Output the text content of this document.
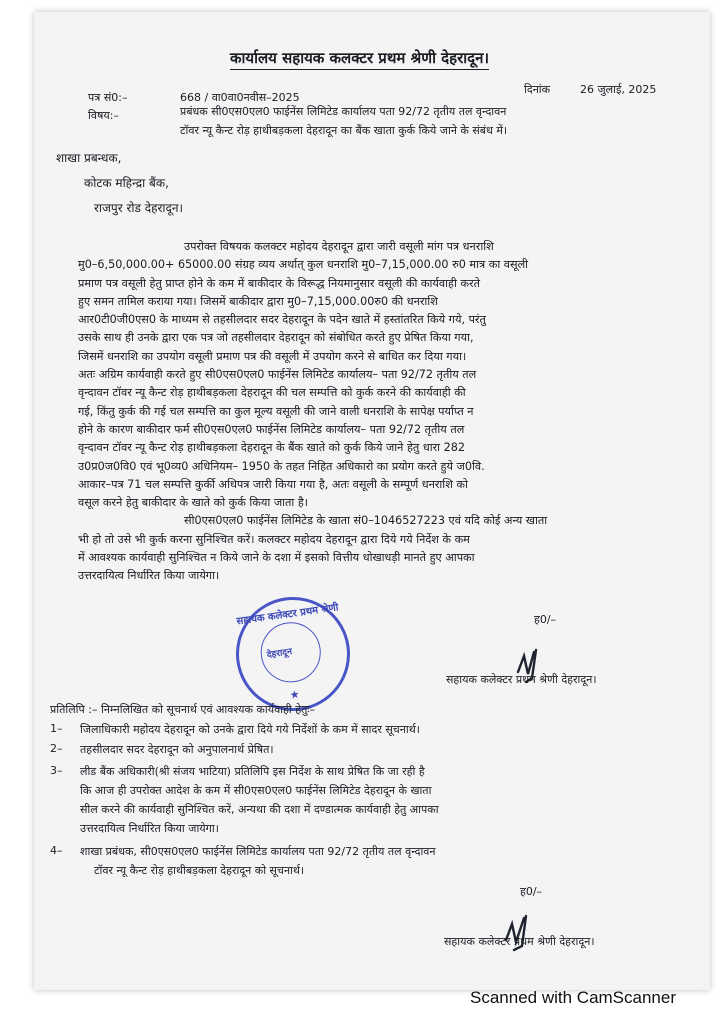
कार्यालय सहायक कलक्टर प्रथम श्रेणी देहरादून।
पत्र सं0:–	668 / वा0वा0नवीस–2025
दिनांक	26 जुलाई, 2025
विषय:–	प्रबंधक सी0एस0एल0 फाईनेंस लिमिटेड कार्यालय पता 92/72 तृतीय तल वृन्दावन
टॉवर न्यू कैन्ट रोड़ हाथीबड़कला देहरादून का बैंक खाता कुर्क किये जाने के संबंध में।
शाखा प्रबन्धक,
कोटक महिन्द्रा बैंक,
राजपुर रोड देहरादून।
उपरोक्त विषयक कलक्टर महोदय देहरादून द्वारा जारी वसूली मांग पत्र धनराशि
मु0–6,50,000.00+ 65000.00 संग्रह व्यय अर्थात् कुल धनराशि मु0–7,15,000.00 रु0 मात्र का वसूली
प्रमाण पत्र वसूली हेतु प्राप्त होने के कम में बाकीदार के विरूद्ध नियमानुसार वसूली की कार्यवाही करते
हुए समन तामिल कराया गया। जिसमें बाकीदार द्वारा मु0–7,15,000.00रु0 की धनराशि
आर0टी0जी0एस0 के माध्यम से तहसीलदार सदर देहरादून के पदेन खाते में हस्तांतरित किये गये, परंतु
उसके साथ ही उनके द्वारा एक पत्र जो तहसीलदार देहरादून को संबोधित करते हुए प्रेषित किया गया,
जिसमें धनराशि का उपयोग वसूली प्रमाण पत्र की वसूली में उपयोग करने से बाधित कर दिया गया।
अतः अग्रिम कार्यवाही करते हुए सी0एस0एल0 फाईनेंस लिमिटेड कार्यालय– पता 92/72 तृतीय तल
वृन्दावन टॉवर न्यू कैन्ट रोड़ हाथीबड़कला देहरादून की चल सम्पत्ति को कुर्क करने की कार्यवाही की
गई, किंतु कुर्क की गई चल सम्पत्ति का कुल मूल्य वसूली की जाने वाली धनराशि के सापेक्ष पर्याप्त न
होने के कारण बाकीदार फर्म सी0एस0एल0 फाईनेंस लिमिटेड कार्यालय– पता 92/72 तृतीय तल
वृन्दावन टॉवर न्यू कैन्ट रोड़ हाथीबड़कला देहरादून के बैंक खाते को कुर्क किये जाने हेतु धारा 282
उ0प्र0ज0वि0 एवं भू0व्य0 अधिनियम– 1950 के तहत निहित अधिकारो का प्रयोग करते हुये ज0वि.
आकार–पत्र 71 चल सम्पत्ति कुर्की अधिपत्र जारी किया गया है, अतः वसूली के सम्पूर्ण धनराशि को
वसूल करने हेतु बाकीदार के खाते को कुर्क किया जाता है।
सी0एस0एल0 फाईनेंस लिमिटेड के खाता सं0–1046527223 एवं यदि कोई अन्य खाता
भी हो तो उसे भी कुर्क करना सुनिश्चित करें। कलक्टर महोदय देहरादून द्वारा दिये गये निर्देश के कम
में आवश्यक कार्यवाही सुनिश्चित न किये जाने के दशा में इसको वित्तीय धोखाधड़ी मानते हुए आपका
उत्तरदायित्व निर्धारित किया जायेगा।
ह0/–
सहायक कलेक्टर प्रथम श्रेणी
देहरादून
★
सहायक कलेक्टर प्रथम श्रेणी देहरादून।
प्रतिलिपि :– निम्नलिखित को सूचनार्थ एवं आवश्यक कार्यवाही हेतुः–
1– जिलाधिकारी महोदय देहरादून को उनके द्वारा दिये गये निर्देशों के कम में सादर सूचनार्थ।
2– तहसीलदार सदर देहरादून को अनुपालनार्थ प्रेषित।
3– लीड बैंक अधिकारी(श्री संजय भाटिया) प्रतिलिपि इस निर्देश के साथ प्रेषित कि जा रही है
कि आज ही उपरोक्त आदेश के कम में सी0एस0एल0 फाईनेंस लिमिटेड देहरादून के खाता
सील करने की कार्यवाही सुनिश्चित करें, अन्यथा की दशा में दण्डात्मक कार्यवाही हेतु आपका
उत्तरदायित्व निर्धारित किया जायेगा।
4– शाखा प्रबंधक, सी0एस0एल0 फाईनेंस लिमिटेड कार्यालय पता 92/72 तृतीय तल वृन्दावन
टॉवर न्यू कैन्ट रोड़ हाथीबड़कला देहरादून को सूचनार्थ।
ह0/–
सहायक कलेक्टर प्रथम श्रेणी देहरादून।
Scanned with CamScanner
